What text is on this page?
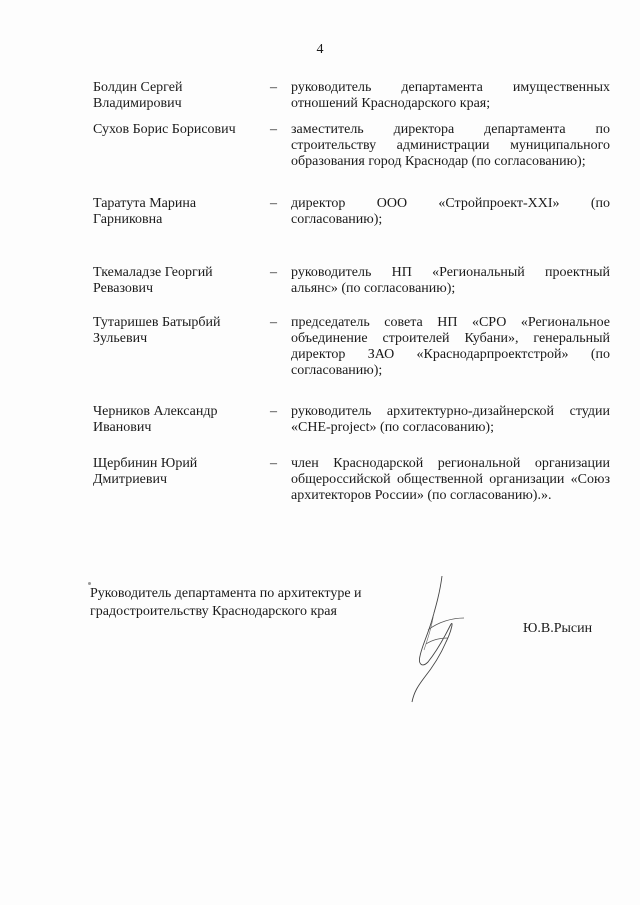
4
Болдин Сергей Владимирович
– руководитель департамента имущественных отношений Краснодарского края;
Сухов Борис Борисович	– заместитель директора департамента по строительству администрации муниципального образования город Краснодар (по согласованию);
Таратута Марина Гарниковна
– директор ООО «Стройпроект-XXI» (по согласованию);
Ткемаладзе Георгий Ревазович
– руководитель НП «Региональный проектный альянс» (по согласованию);
Тутаришев Батырбий Зульевич
– председатель совета НП «СРО «Региональное объединение строителей Кубани», генеральный директор ЗАО «Краснодарпроектстрой» (по согласованию);
Черников Александр Иванович
– руководитель архитектурно-дизайнерской студии «CHE-project» (по согласованию);
Щербинин Юрий Дмитриевич
– член Краснодарской региональной организации общероссийской общественной организации «Союз архитекторов России» (по согласованию).».
Руководитель департамента по архитектуре и градостроительству Краснодарского края
Ю.В.Рысин
